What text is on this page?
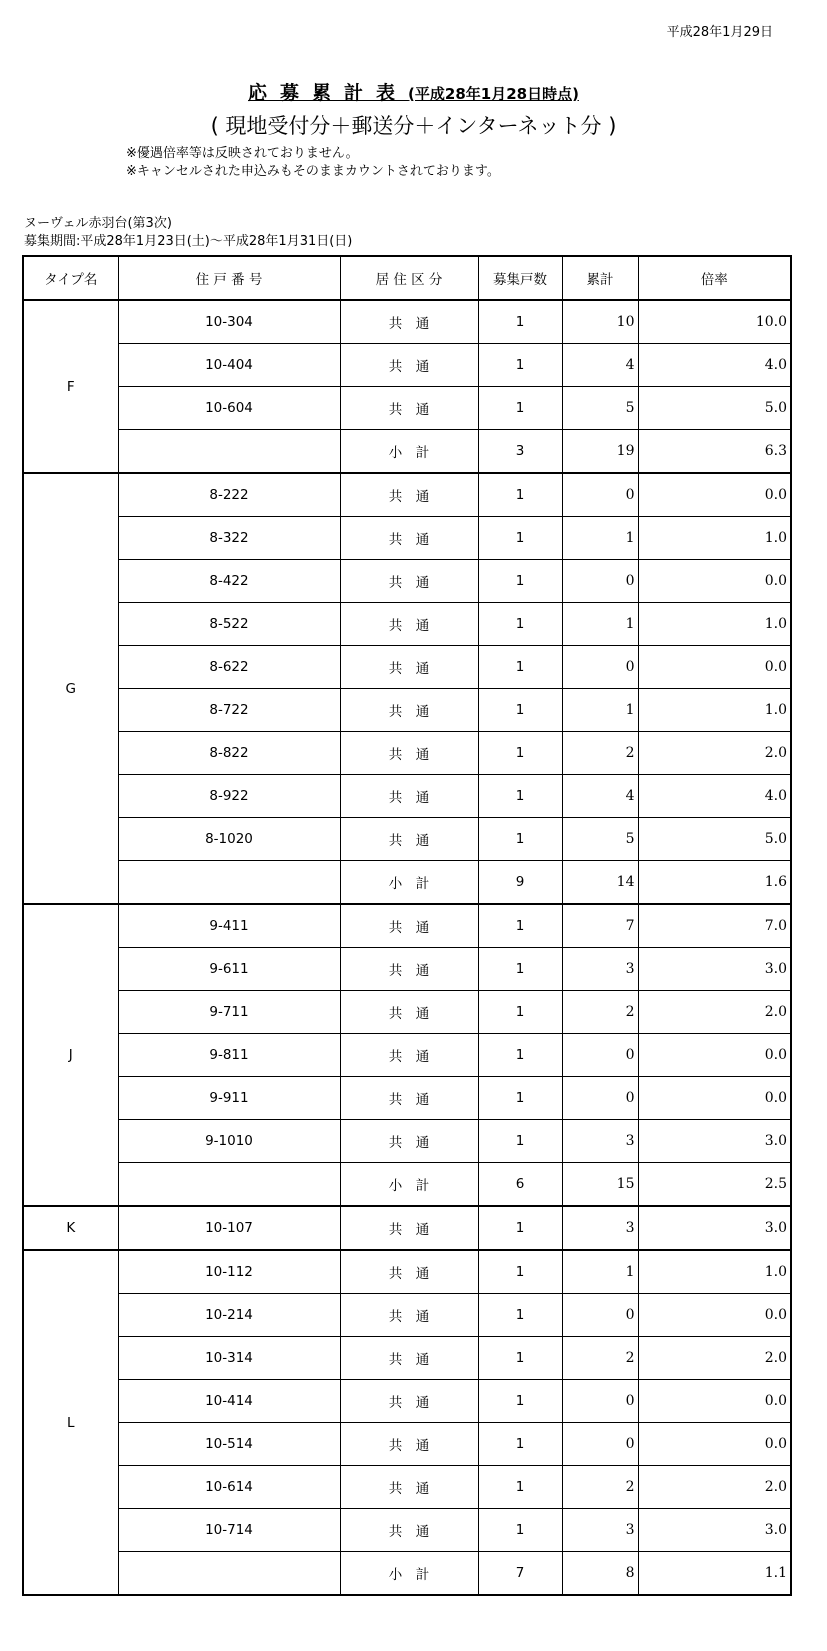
平成28年1月29日
応募累計表(平成28年1月28日時点)
( 現地受付分＋郵送分＋インターネット分 )
※優遇倍率等は反映されておりません。
※キャンセルされた申込みもそのままカウントされております。
ヌーヴェル赤羽台(第3次)
募集期間:平成28年1月23日(土)～平成28年1月31日(日)
タイプ名	住 戸 番 号	居 住 区 分	募集戸数	累計	倍率
F	10-304	共　通	1	10	10.0
	10-404	共　通	1	4	4.0
	10-604	共　通	1	5	5.0
		小　計	3	19	6.3
G	8-222	共　通	1	0	0.0
	8-322	共　通	1	1	1.0
	8-422	共　通	1	0	0.0
	8-522	共　通	1	1	1.0
	8-622	共　通	1	0	0.0
	8-722	共　通	1	1	1.0
	8-822	共　通	1	2	2.0
	8-922	共　通	1	4	4.0
	8-1020	共　通	1	5	5.0
		小　計	9	14	1.6
J	9-411	共　通	1	7	7.0
	9-611	共　通	1	3	3.0
	9-711	共　通	1	2	2.0
	9-811	共　通	1	0	0.0
	9-911	共　通	1	0	0.0
	9-1010	共　通	1	3	3.0
		小　計	6	15	2.5
K	10-107	共　通	1	3	3.0
L	10-112	共　通	1	1	1.0
	10-214	共　通	1	0	0.0
	10-314	共　通	1	2	2.0
	10-414	共　通	1	0	0.0
	10-514	共　通	1	0	0.0
	10-614	共　通	1	2	2.0
	10-714	共　通	1	3	3.0
		小　計	7	8	1.1
